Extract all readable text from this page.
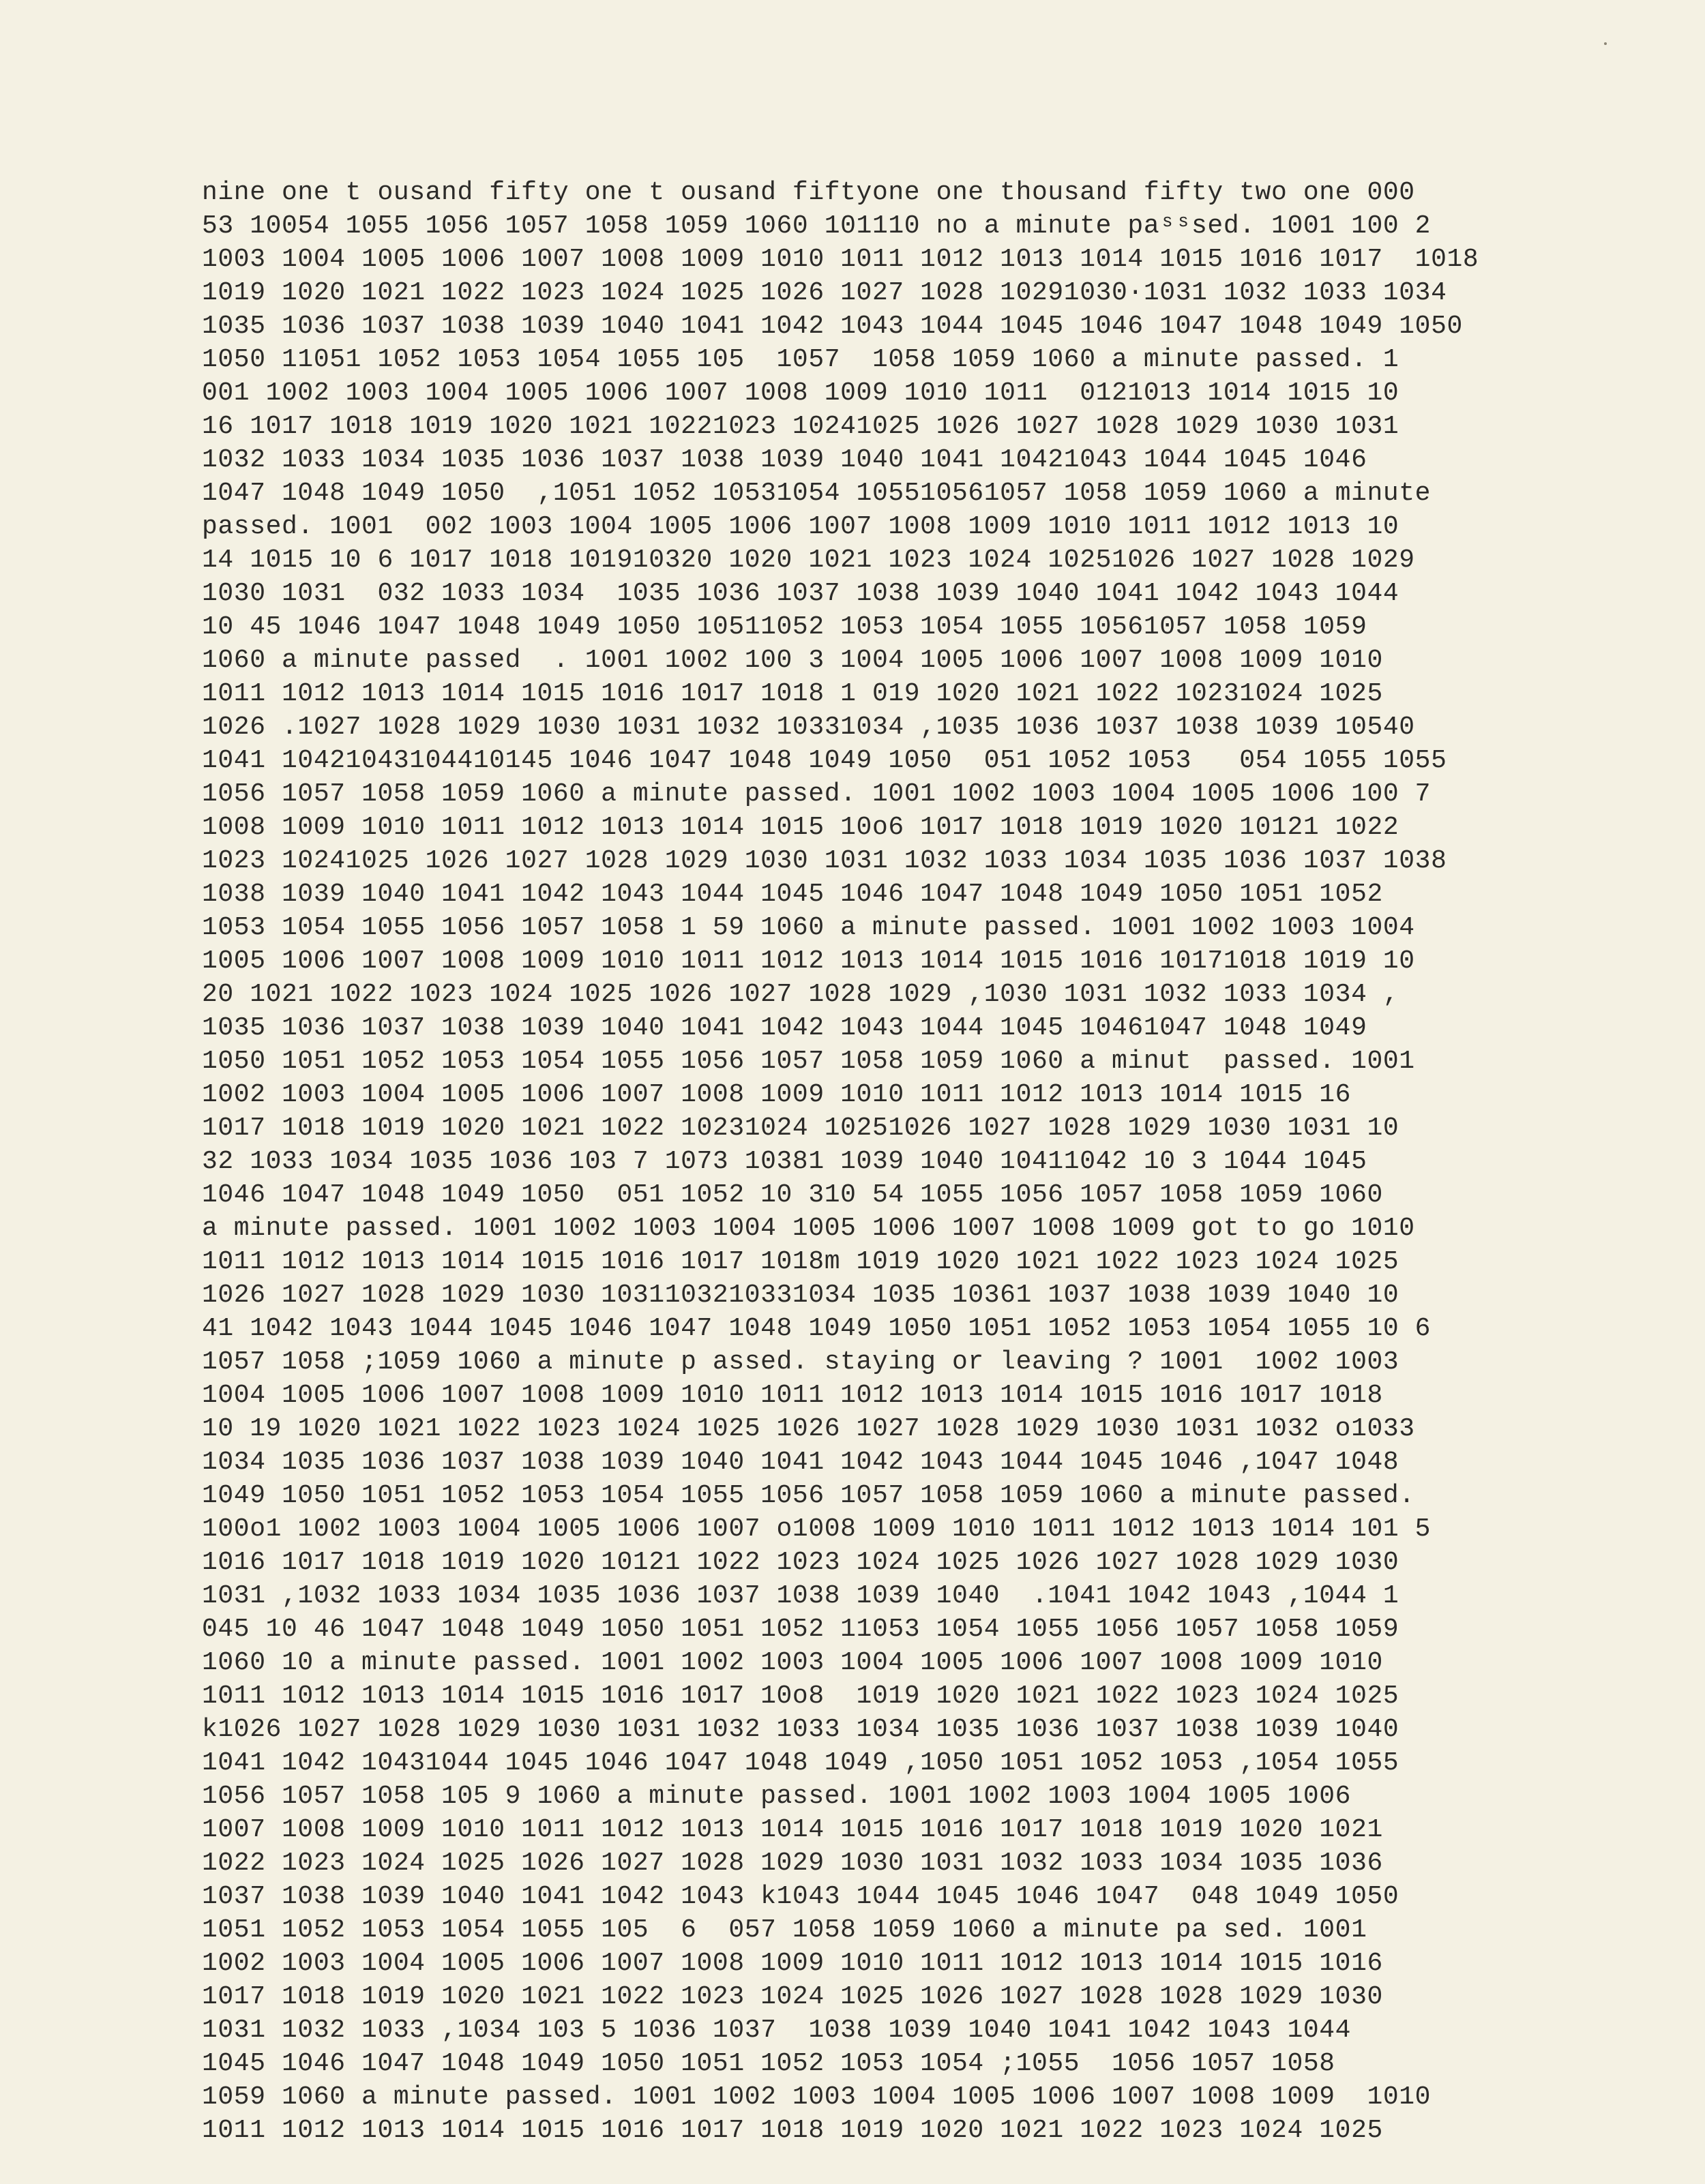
nine one t ousand fifty one t ousand fiftyone one thousand fifty two one 000
53 10054 1055 1056 1057 1058 1059 1060 101110 no a minute paˢˢsed. 1001 100 2
1003 1004 1005 1006 1007 1008 1009 1010 1011 1012 1013 1014 1015 1016 1017  1018
1019 1020 1021 1022 1023 1024 1025 1026 1027 1028 10291030·1031 1032 1033 1034
1035 1036 1037 1038 1039 1040 1041 1042 1043 1044 1045 1046 1047 1048 1049 1050
1050 11051 1052 1053 1054 1055 105  1057  1058 1059 1060 a minute passed. 1
001 1002 1003 1004 1005 1006 1007 1008 1009 1010 1011  0121013 1014 1015 10
16 1017 1018 1019 1020 1021 10221023 10241025 1026 1027 1028 1029 1030 1031
1032 1033 1034 1035 1036 1037 1038 1039 1040 1041 10421043 1044 1045 1046
1047 1048 1049 1050  ,1051 1052 10531054 105510561057 1058 1059 1060 a minute
passed. 1001  002 1003 1004 1005 1006 1007 1008 1009 1010 1011 1012 1013 10
14 1015 10 6 1017 1018 101910320 1020 1021 1023 1024 10251026 1027 1028 1029
1030 1031  032 1033 1034  1035 1036 1037 1038 1039 1040 1041 1042 1043 1044
10 45 1046 1047 1048 1049 1050 10511052 1053 1054 1055 10561057 1058 1059
1060 a minute passed  . 1001 1002 100 3 1004 1005 1006 1007 1008 1009 1010
1011 1012 1013 1014 1015 1016 1017 1018 1 019 1020 1021 1022 10231024 1025
1026 .1027 1028 1029 1030 1031 1032 10331034 ,1035 1036 1037 1038 1039 10540
1041 10421043104410145 1046 1047 1048 1049 1050  051 1052 1053   054 1055 1055
1056 1057 1058 1059 1060 a minute passed. 1001 1002 1003 1004 1005 1006 100 7
1008 1009 1010 1011 1012 1013 1014 1015 10o6 1017 1018 1019 1020 10121 1022
1023 10241025 1026 1027 1028 1029 1030 1031 1032 1033 1034 1035 1036 1037 1038
1038 1039 1040 1041 1042 1043 1044 1045 1046 1047 1048 1049 1050 1051 1052
1053 1054 1055 1056 1057 1058 1 59 1060 a minute passed. 1001 1002 1003 1004
1005 1006 1007 1008 1009 1010 1011 1012 1013 1014 1015 1016 10171018 1019 10
20 1021 1022 1023 1024 1025 1026 1027 1028 1029 ,1030 1031 1032 1033 1034 ,
1035 1036 1037 1038 1039 1040 1041 1042 1043 1044 1045 10461047 1048 1049
1050 1051 1052 1053 1054 1055 1056 1057 1058 1059 1060 a minut  passed. 1001
1002 1003 1004 1005 1006 1007 1008 1009 1010 1011 1012 1013 1014 1015 16
1017 1018 1019 1020 1021 1022 10231024 10251026 1027 1028 1029 1030 1031 10
32 1033 1034 1035 1036 103 7 1073 10381 1039 1040 10411042 10 3 1044 1045
1046 1047 1048 1049 1050  051 1052 10 310 54 1055 1056 1057 1058 1059 1060
a minute passed. 1001 1002 1003 1004 1005 1006 1007 1008 1009 got to go 1010
1011 1012 1013 1014 1015 1016 1017 1018m 1019 1020 1021 1022 1023 1024 1025
1026 1027 1028 1029 1030 1031103210331034 1035 10361 1037 1038 1039 1040 10
41 1042 1043 1044 1045 1046 1047 1048 1049 1050 1051 1052 1053 1054 1055 10 6
1057 1058 ;1059 1060 a minute p assed. staying or leaving ? 1001  1002 1003
1004 1005 1006 1007 1008 1009 1010 1011 1012 1013 1014 1015 1016 1017 1018
10 19 1020 1021 1022 1023 1024 1025 1026 1027 1028 1029 1030 1031 1032 o1033
1034 1035 1036 1037 1038 1039 1040 1041 1042 1043 1044 1045 1046 ,1047 1048
1049 1050 1051 1052 1053 1054 1055 1056 1057 1058 1059 1060 a minute passed.
100o1 1002 1003 1004 1005 1006 1007 o1008 1009 1010 1011 1012 1013 1014 101 5
1016 1017 1018 1019 1020 10121 1022 1023 1024 1025 1026 1027 1028 1029 1030
1031 ,1032 1033 1034 1035 1036 1037 1038 1039 1040  .1041 1042 1043 ,1044 1
045 10 46 1047 1048 1049 1050 1051 1052 11053 1054 1055 1056 1057 1058 1059
1060 10 a minute passed. 1001 1002 1003 1004 1005 1006 1007 1008 1009 1010
1011 1012 1013 1014 1015 1016 1017 10o8  1019 1020 1021 1022 1023 1024 1025
k1026 1027 1028 1029 1030 1031 1032 1033 1034 1035 1036 1037 1038 1039 1040
1041 1042 10431044 1045 1046 1047 1048 1049 ,1050 1051 1052 1053 ,1054 1055
1056 1057 1058 105 9 1060 a minute passed. 1001 1002 1003 1004 1005 1006
1007 1008 1009 1010 1011 1012 1013 1014 1015 1016 1017 1018 1019 1020 1021
1022 1023 1024 1025 1026 1027 1028 1029 1030 1031 1032 1033 1034 1035 1036
1037 1038 1039 1040 1041 1042 1043 k1043 1044 1045 1046 1047  048 1049 1050
1051 1052 1053 1054 1055 105  6  057 1058 1059 1060 a minute pa sed. 1001
1002 1003 1004 1005 1006 1007 1008 1009 1010 1011 1012 1013 1014 1015 1016
1017 1018 1019 1020 1021 1022 1023 1024 1025 1026 1027 1028 1028 1029 1030
1031 1032 1033 ,1034 103 5 1036 1037  1038 1039 1040 1041 1042 1043 1044
1045 1046 1047 1048 1049 1050 1051 1052 1053 1054 ;1055  1056 1057 1058
1059 1060 a minute passed. 1001 1002 1003 1004 1005 1006 1007 1008 1009  1010
1011 1012 1013 1014 1015 1016 1017 1018 1019 1020 1021 1022 1023 1024 1025
